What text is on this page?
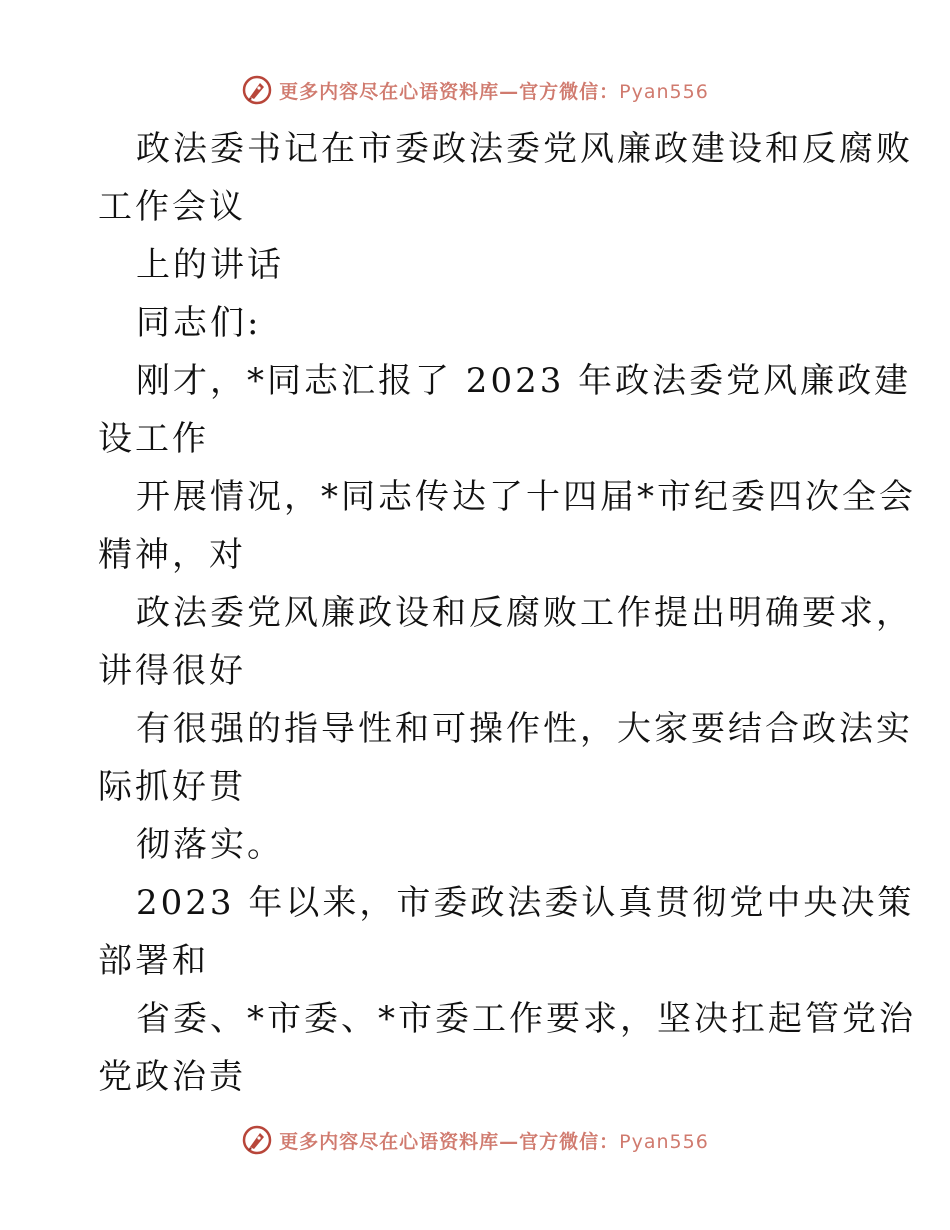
更多内容尽在心语资料库—官方微信：Pyan556
政法委书记在市委政法委党风廉政建设和反腐败
工作会议
上的讲话
同志们:
刚才，*同志汇报了 2023 年政法委党风廉政建
设工作
开展情况，*同志传达了十四届*市纪委四次全会
精神，对
政法委党风廉政设和反腐败工作提出明确要求，
讲得很好
有很强的指导性和可操作性，大家要结合政法实
际抓好贯
彻落实。
2023 年以来，市委政法委认真贯彻党中央决策
部署和
省委、*市委、*市委工作要求，坚决扛起管党治
党政治责
更多内容尽在心语资料库—官方微信：Pyan556
